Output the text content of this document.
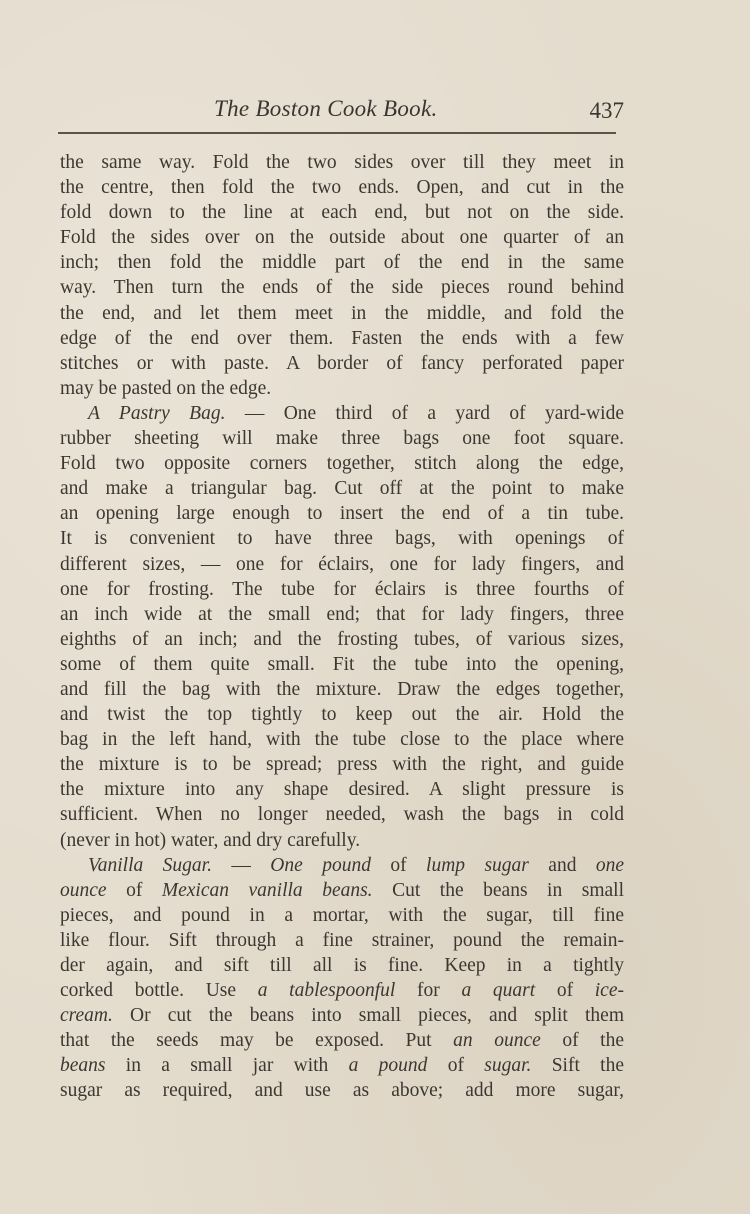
The Boston Cook Book.	437

the same way. Fold the two sides over till they meet in
the centre, then fold the two ends. Open, and cut in the
fold down to the line at each end, but not on the side.
Fold the sides over on the outside about one quarter of an
inch; then fold the middle part of the end in the same
way. Then turn the ends of the side pieces round behind
the end, and let them meet in the middle, and fold the
edge of the end over them. Fasten the ends with a few
stitches or with paste. A border of fancy perforated paper
may be pasted on the edge.

A Pastry Bag. — One third of a yard of yard-wide
rubber sheeting will make three bags one foot square.
Fold two opposite corners together, stitch along the edge,
and make a triangular bag. Cut off at the point to make
an opening large enough to insert the end of a tin tube.
It is convenient to have three bags, with openings of
different sizes, — one for éclairs, one for lady fingers, and
one for frosting. The tube for éclairs is three fourths of
an inch wide at the small end; that for lady fingers, three
eighths of an inch; and the frosting tubes, of various sizes,
some of them quite small. Fit the tube into the opening,
and fill the bag with the mixture. Draw the edges together,
and twist the top tightly to keep out the air. Hold the
bag in the left hand, with the tube close to the place where
the mixture is to be spread; press with the right, and guide
the mixture into any shape desired. A slight pressure is
sufficient. When no longer needed, wash the bags in cold
(never in hot) water, and dry carefully.

Vanilla Sugar. — One pound of lump sugar and one
ounce of Mexican vanilla beans. Cut the beans in small
pieces, and pound in a mortar, with the sugar, till fine
like flour. Sift through a fine strainer, pound the remain-
der again, and sift till all is fine. Keep in a tightly
corked bottle. Use a tablespoonful for a quart of ice-
cream. Or cut the beans into small pieces, and split them
that the seeds may be exposed. Put an ounce of the
beans in a small jar with a pound of sugar. Sift the
sugar as required, and use as above; add more sugar,
